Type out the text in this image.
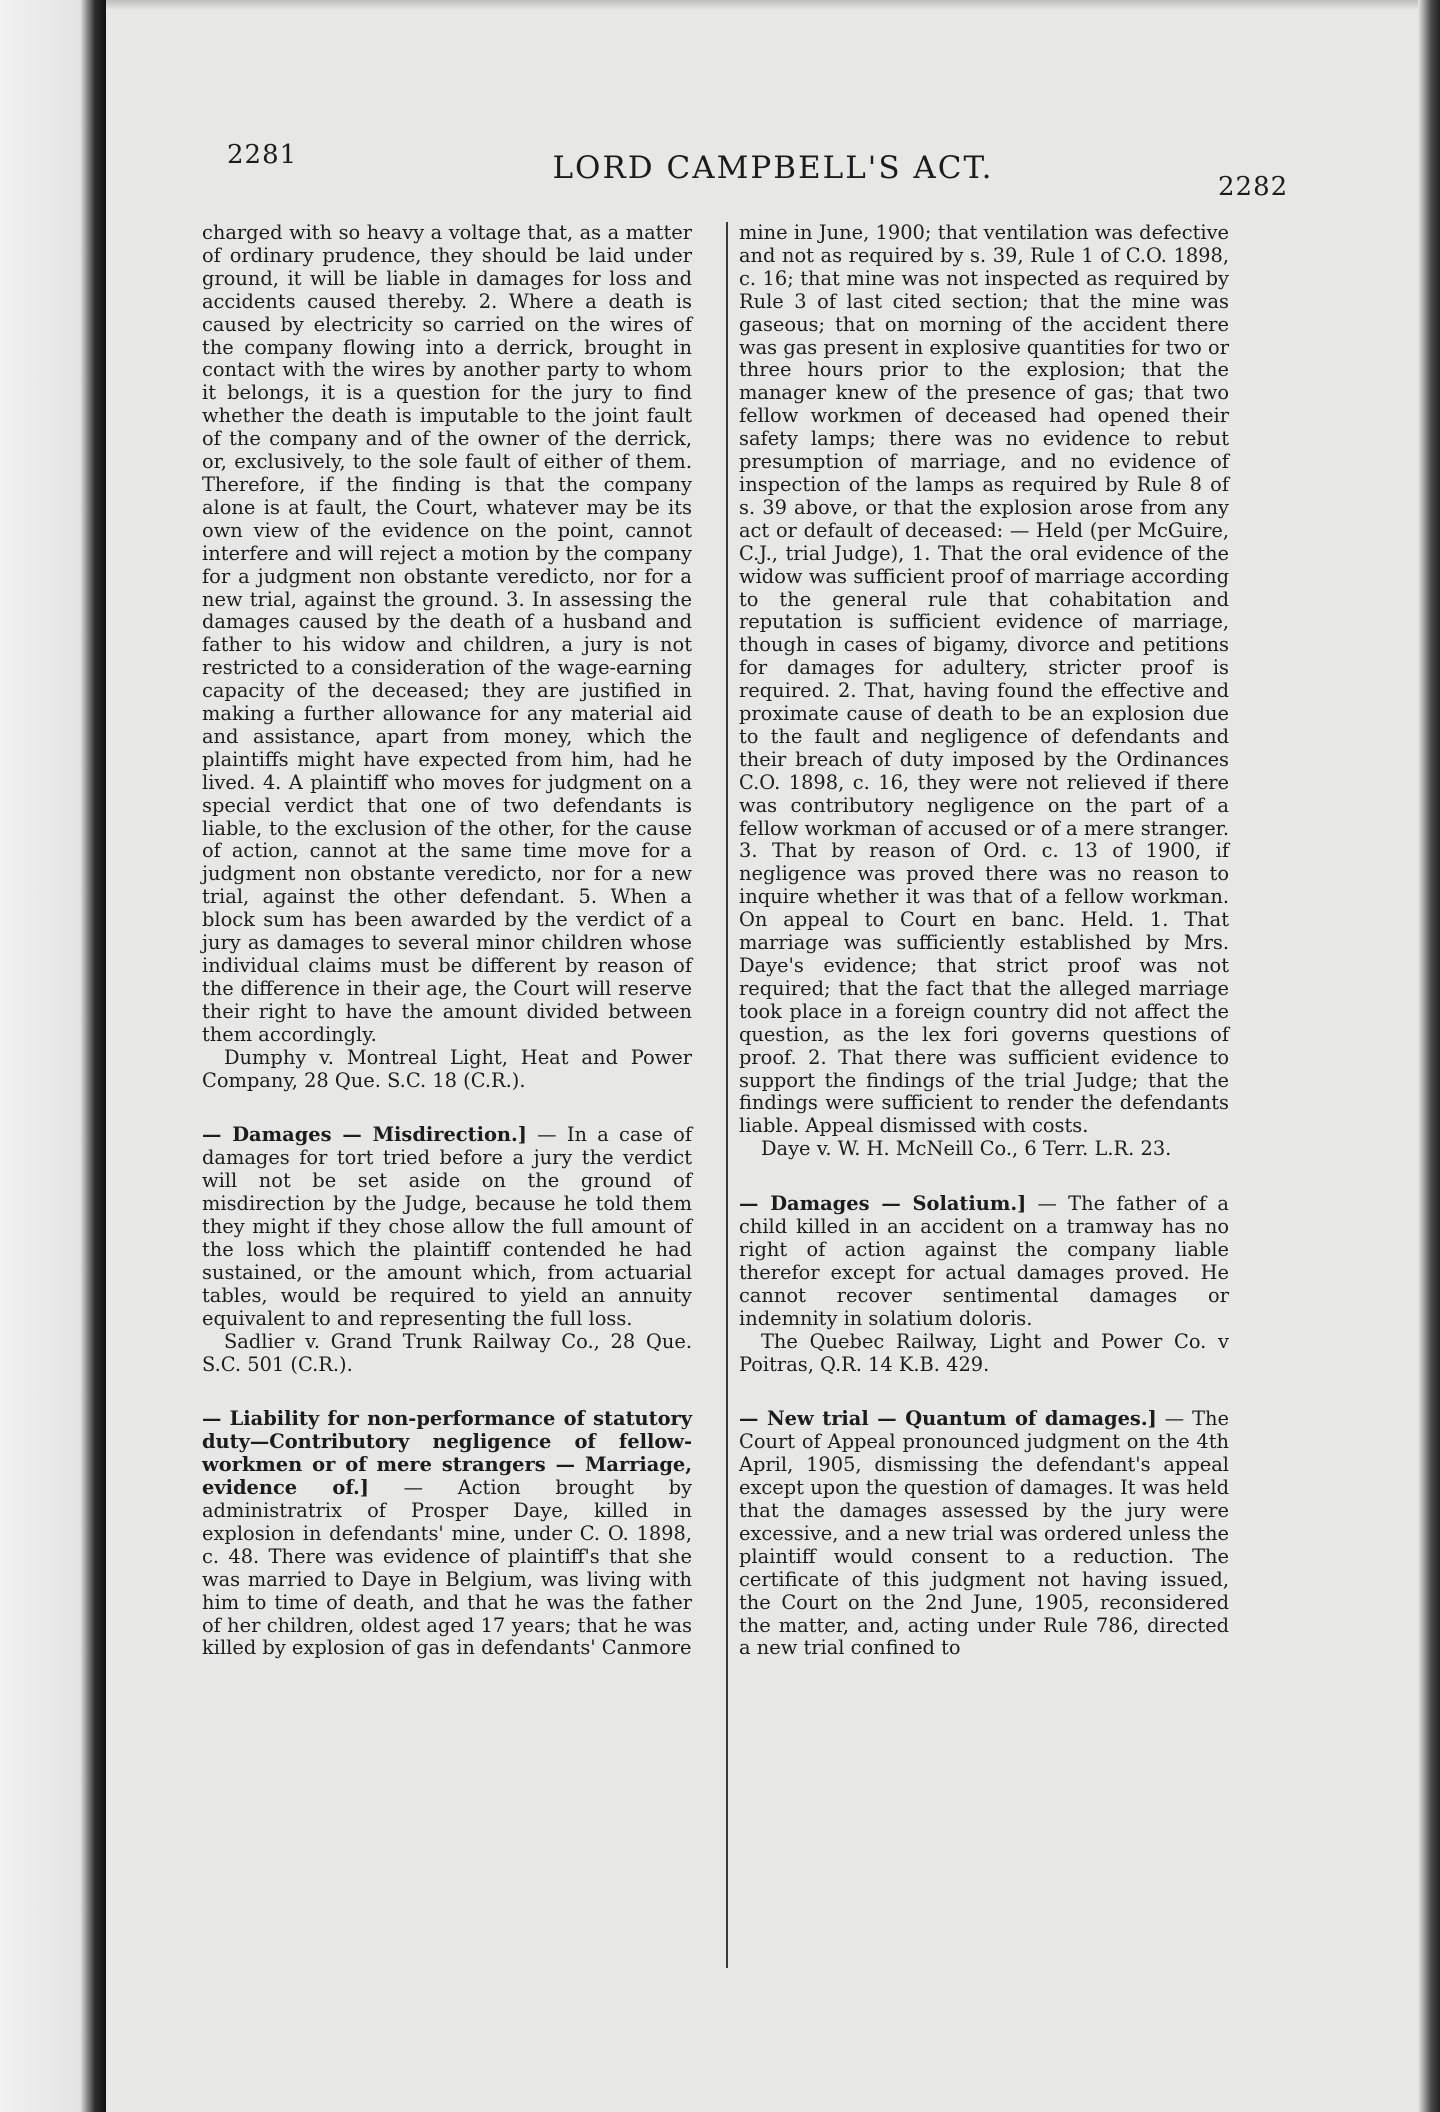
2281	LORD CAMPBELL'S ACT.
2282

charged with so heavy a voltage that, as a matter of ordinary prudence, they should be laid under ground, it will be liable in damages for loss and accidents caused thereby. 2. Where a death is caused by electricity so carried on the wires of the company flowing into a derrick, brought in contact with the wires by another party to whom it belongs, it is a question for the jury to find whether the death is imputable to the joint fault of the company and of the owner of the derrick, or, exclusively, to the sole fault of either of them. Therefore, if the finding is that the company alone is at fault, the Court, whatever may be its own view of the evidence on the point, cannot interfere and will reject a motion by the company for a judgment non obstante veredicto, nor for a new trial, against the ground. 3. In assessing the damages caused by the death of a husband and father to his widow and children, a jury is not restricted to a consideration of the wage-earning capacity of the deceased; they are justified in making a further allowance for any material aid and assistance, apart from money, which the plaintiffs might have expected from him, had he lived. 4. A plaintiff who moves for judgment on a special verdict that one of two defendants is liable, to the exclusion of the other, for the cause of action, cannot at the same time move for a judgment non obstante veredicto, nor for a new trial, against the other defendant. 5. When a block sum has been awarded by the verdict of a jury as damages to several minor children whose individual claims must be different by reason of the difference in their age, the Court will reserve their right to have the amount divided between them accordingly.

Dumphy v. Montreal Light, Heat and Power Company, 28 Que. S.C. 18 (C.R.).

— Damages — Misdirection.] — In a case of damages for tort tried before a jury the verdict will not be set aside on the ground of misdirection by the Judge, because he told them they might if they chose allow the full amount of the loss which the plaintiff contended he had sustained, or the amount which, from actuarial tables, would be required to yield an annuity equivalent to and representing the full loss.

Sadlier v. Grand Trunk Railway Co., 28 Que. S.C. 501 (C.R.).

— Liability for non-performance of statutory duty—Contributory negligence of fellow-workmen or of mere strangers — Marriage, evidence of.] — Action brought by administratrix of Prosper Daye, killed in explosion in defendants' mine, under C. O. 1898, c. 48. There was evidence of plaintiff's that she was married to Daye in Belgium, was living with him to time of death, and that he was the father of her children, oldest aged 17 years; that he was killed by explosion of gas in defendants' Canmore

mine in June, 1900; that ventilation was defective and not as required by s. 39, Rule 1 of C.O. 1898, c. 16; that mine was not inspected as required by Rule 3 of last cited section; that the mine was gaseous; that on morning of the accident there was gas present in explosive quantities for two or three hours prior to the explosion; that the manager knew of the presence of gas; that two fellow workmen of deceased had opened their safety lamps; there was no evidence to rebut presumption of marriage, and no evidence of inspection of the lamps as required by Rule 8 of s. 39 above, or that the explosion arose from any act or default of deceased: — Held (per McGuire, C.J., trial Judge), 1. That the oral evidence of the widow was sufficient proof of marriage according to the general rule that cohabitation and reputation is sufficient evidence of marriage, though in cases of bigamy, divorce and petitions for damages for adultery, stricter proof is required. 2. That, having found the effective and proximate cause of death to be an explosion due to the fault and negligence of defendants and their breach of duty imposed by the Ordinances C.O. 1898, c. 16, they were not relieved if there was contributory negligence on the part of a fellow workman of accused or of a mere stranger. 3. That by reason of Ord. c. 13 of 1900, if negligence was proved there was no reason to inquire whether it was that of a fellow workman. On appeal to Court en banc. Held. 1. That marriage was sufficiently established by Mrs. Daye's evidence; that strict proof was not required; that the fact that the alleged marriage took place in a foreign country did not affect the question, as the lex fori governs questions of proof. 2. That there was sufficient evidence to support the findings of the trial Judge; that the findings were sufficient to render the defendants liable. Appeal dismissed with costs.

Daye v. W. H. McNeill Co., 6 Terr. L.R. 23.

— Damages — Solatium.] — The father of a child killed in an accident on a tramway has no right of action against the company liable therefor except for actual damages proved. He cannot recover sentimental damages or indemnity in solatium doloris.

The Quebec Railway, Light and Power Co. v Poitras, Q.R. 14 K.B. 429.

— New trial — Quantum of damages.] — The Court of Appeal pronounced judgment on the 4th April, 1905, dismissing the defendant's appeal except upon the question of damages. It was held that the damages assessed by the jury were excessive, and a new trial was ordered unless the plaintiff would consent to a reduction. The certificate of this judgment not having issued, the Court on the 2nd June, 1905, reconsidered the matter, and, acting under Rule 786, directed a new trial confined to
